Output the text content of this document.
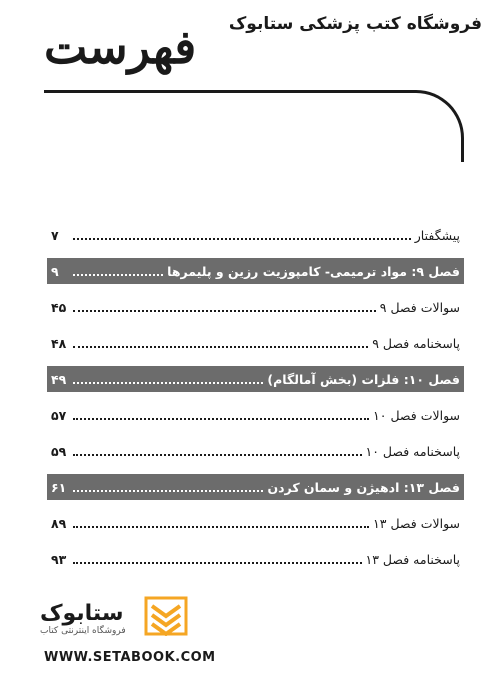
فروشگاه کتب پزشکی ستابوک
فهرست
پیشگفتار
۷
فصل ۹: مواد ترمیمی- کامپوزیت رزین و پلیمرها
۹
سوالات فصل ۹
۴۵
پاسخنامه فصل ۹
۴۸
فصل ۱۰: فلزات (بخش آمالگام)
۴۹
سوالات فصل ۱۰
۵۷
پاسخنامه فصل ۱۰
۵۹
فصل ۱۳: ادهیژن و سمان کردن
۶۱
سوالات فصل ۱۳
۸۹
پاسخنامه فصل ۱۳
۹۳
ستابوک
فروشگاه اینترنتی کتاب
WWW.SETABOOK.COM
